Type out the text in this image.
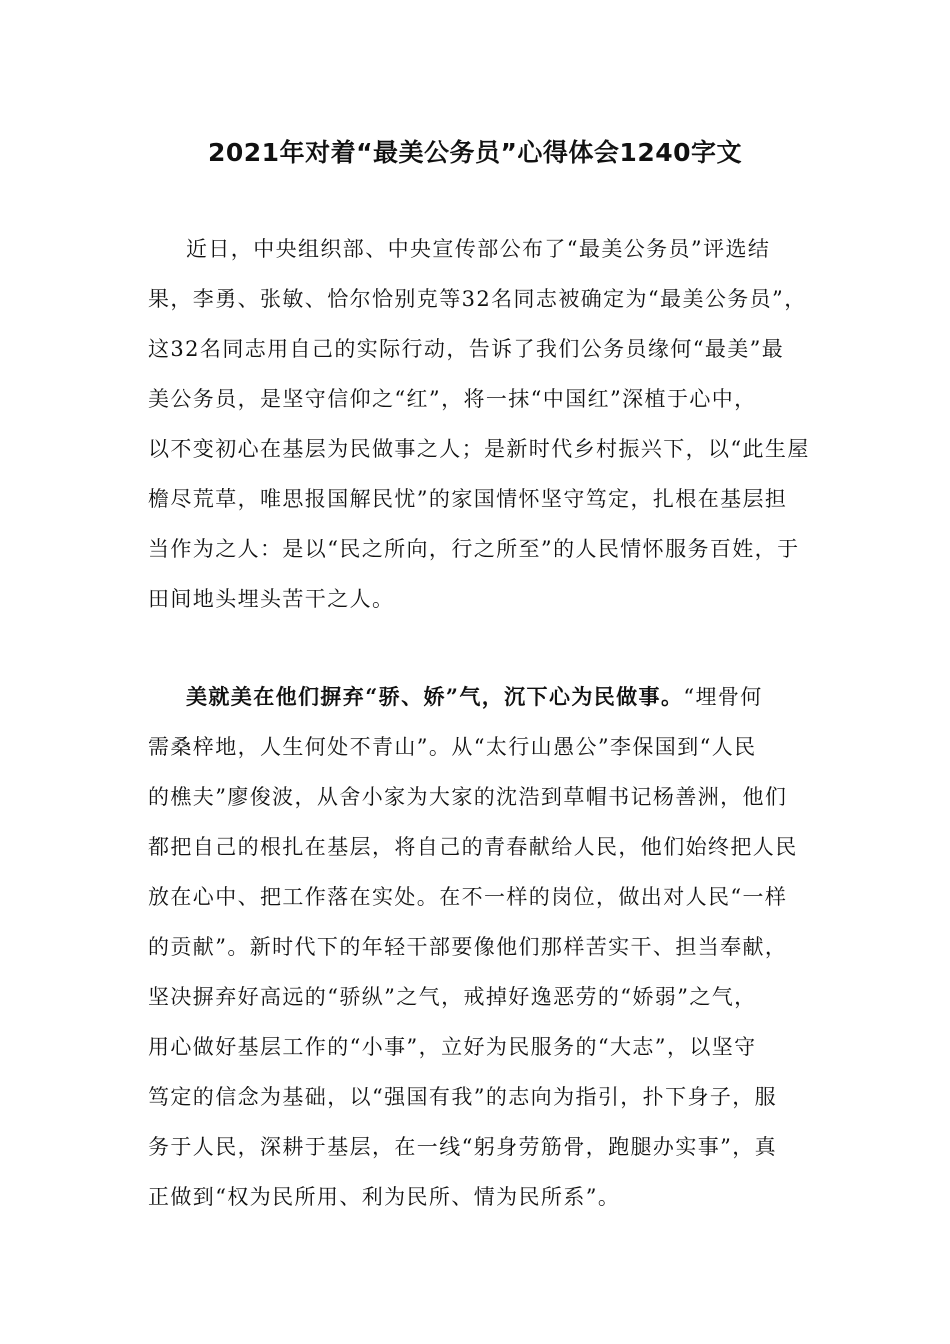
2021年对着“最美公务员”心得体会1240字文
近日，中央组织部、中央宣传部公布了“最美公务员”评选结
果，李勇、张敏、恰尔恰别克等32名同志被确定为“最美公务员”，
这32名同志用自己的实际行动，告诉了我们公务员缘何“最美”最
美公务员，是坚守信仰之“红”，将一抹“中国红”深植于心中，
以不变初心在基层为民做事之人；是新时代乡村振兴下，以“此生屋
檐尽荒草，唯思报国解民忧”的家国情怀坚守笃定，扎根在基层担
当作为之人：是以“民之所向，行之所至”的人民情怀服务百姓，于
田间地头埋头苦干之人。
美就美在他们摒弃“骄、娇”气，沉下心为民做事。“埋骨何
需桑梓地，人生何处不青山”。从“太行山愚公”李保国到“人民
的樵夫”廖俊波，从舍小家为大家的沈浩到草帽书记杨善洲，他们
都把自己的根扎在基层，将自己的青春献给人民，他们始终把人民
放在心中、把工作落在实处。在不一样的岗位，做出对人民“一样
的贡献”。新时代下的年轻干部要像他们那样苦实干、担当奉献，
坚决摒弃好高远的“骄纵”之气，戒掉好逸恶劳的“娇弱”之气，
用心做好基层工作的“小事”，立好为民服务的“大志”，以坚守
笃定的信念为基础，以“强国有我”的志向为指引，扑下身子，服
务于人民，深耕于基层，在一线“躬身劳筋骨，跑腿办实事”，真
正做到“权为民所用、利为民所、情为民所系”。
